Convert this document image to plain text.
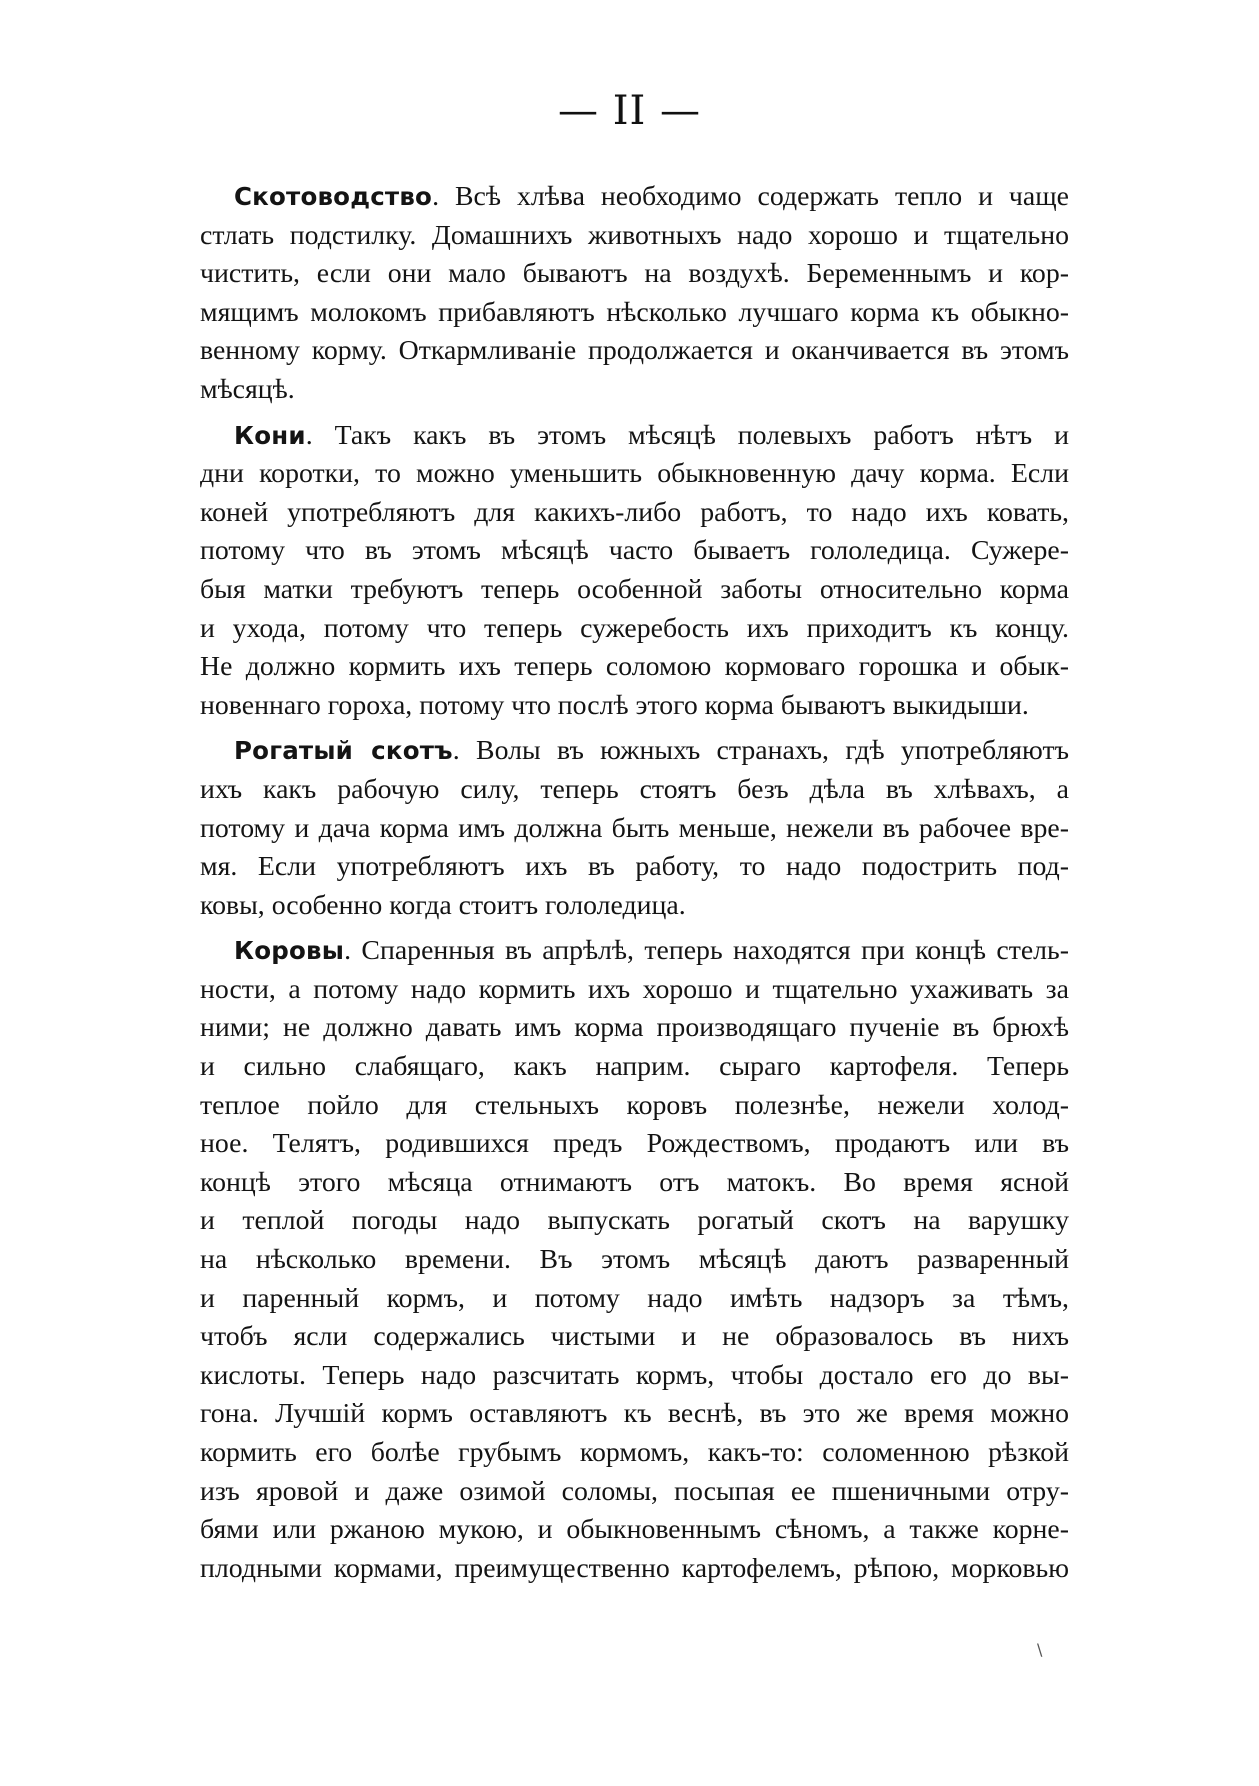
— II —
Скотоводство. Всѣ хлѣва необходимо содержать тепло и чаще
стлать подстилку. Домашнихъ животныхъ надо хорошо и тщательно
чистить, если они мало бываютъ на воздухѣ. Беременнымъ и кор-
мящимъ молокомъ прибавляютъ нѣсколько лучшаго корма къ обыкно-
венному корму. Откармливаніе продолжается и оканчивается въ этомъ
мѣсяцѣ.
Кони. Такъ какъ въ этомъ мѣсяцѣ полевыхъ работъ нѣтъ и
дни коротки, то можно уменьшить обыкновенную дачу корма. Если
коней употребляютъ для какихъ-либо работъ, то надо ихъ ковать,
потому что въ этомъ мѣсяцѣ часто бываетъ гололедица. Сужере-
быя матки требуютъ теперь особенной заботы относительно корма
и ухода, потому что теперь сужеребость ихъ приходитъ къ концу.
Не должно кормить ихъ теперь соломою кормоваго горошка и обык-
новеннаго гороха, потому что послѣ этого корма бываютъ выкидыши.
Рогатый скотъ. Волы въ южныхъ странахъ, гдѣ употребляютъ
ихъ какъ рабочую силу, теперь стоятъ безъ дѣла въ хлѣвахъ, а
потому и дача корма имъ должна быть меньше, нежели въ рабочее вре-
мя. Если употребляютъ ихъ въ работу, то надо подострить под-
ковы, особенно когда стоитъ гололедица.
Коровы. Спаренныя въ апрѣлѣ, теперь находятся при концѣ стель-
ности, а потому надо кормить ихъ хорошо и тщательно ухаживать за
ними; не должно давать имъ корма производящаго пученіе въ брюхѣ
и сильно слабящаго, какъ наприм. сыраго картофеля. Теперь
теплое пойло для стельныхъ коровъ полезнѣе, нежели холод-
ное. Телятъ, родившихся предъ Рождествомъ, продаютъ или въ
концѣ этого мѣсяца отнимаютъ отъ матокъ. Во время ясной
и теплой погоды надо выпускать рогатый скотъ на варушку
на нѣсколько времени. Въ этомъ мѣсяцѣ даютъ разваренный
и паренный кормъ, и потому надо имѣть надзоръ за тѣмъ,
чтобъ ясли содержались чистыми и не образовалось въ нихъ
кислоты. Теперь надо разсчитать кормъ, чтобы достало его до вы-
гона. Лучшій кормъ оставляютъ къ веснѣ, въ это же время можно
кормить его болѣе грубымъ кормомъ, какъ-то: соломенною рѣзкой
изъ яровой и даже озимой соломы, посыпая ее пшеничными отру-
бями или ржаною мукою, и обыкновеннымъ сѣномъ, а также корне-
плодными кормами, преимущественно картофелемъ, рѣпою, морковью
\
